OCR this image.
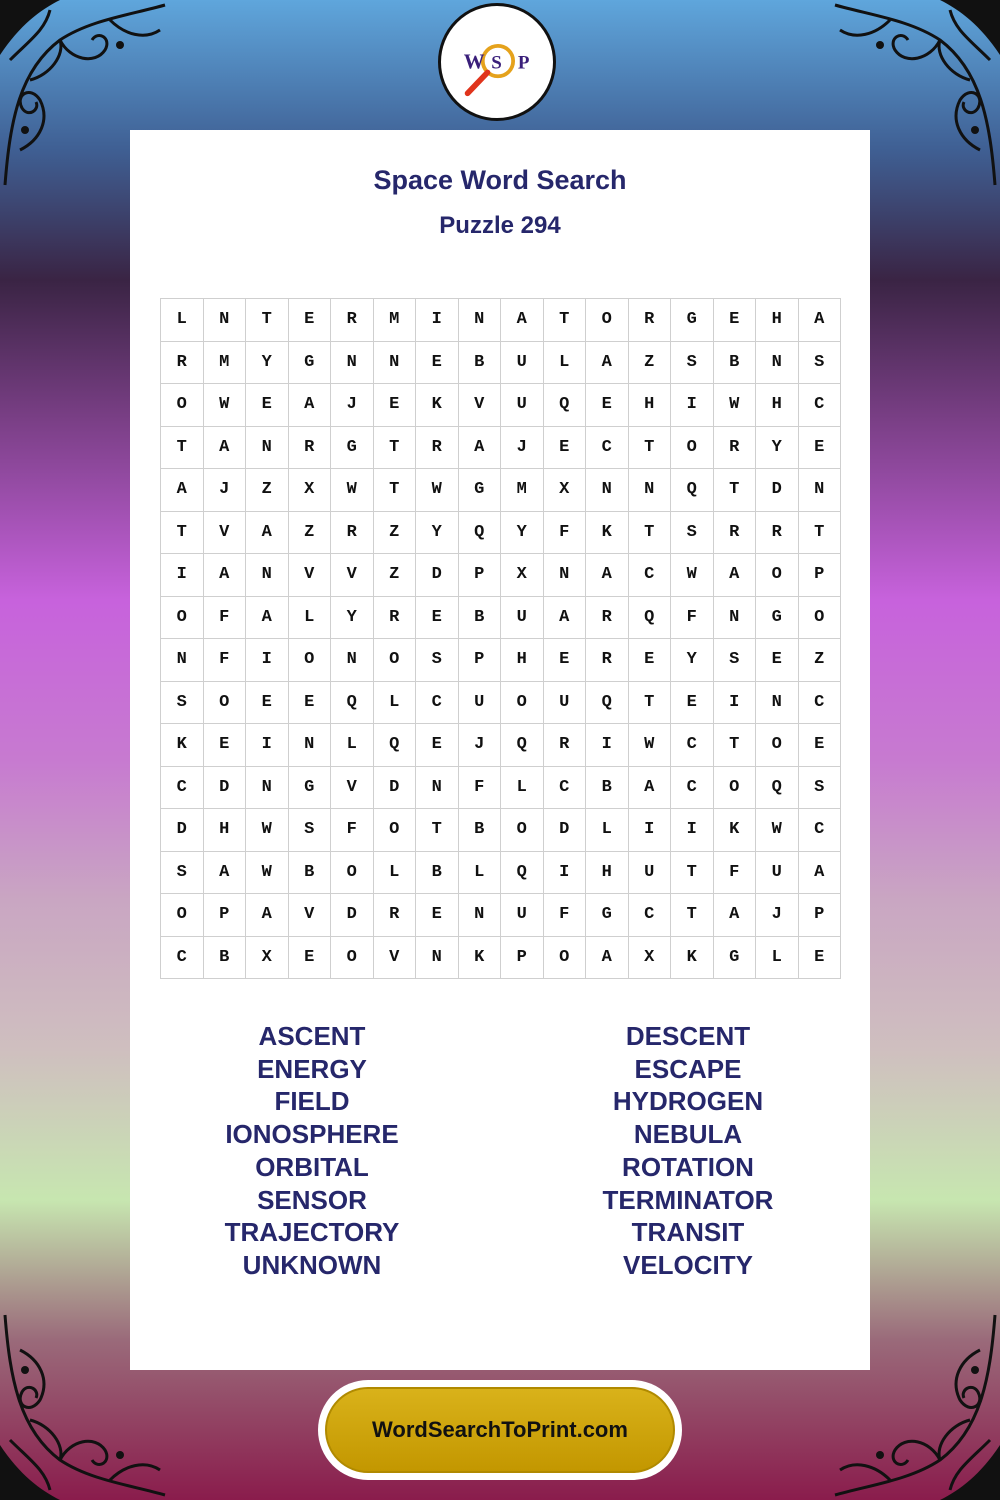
W S P
Space Word Search
Puzzle 294
L	N	T	E	R	M	I	N	A	T	O	R	G	E	H	A
R	M	Y	G	N	N	E	B	U	L	A	Z	S	B	N	S
O	W	E	A	J	E	K	V	U	Q	E	H	I	W	H	C
T	A	N	R	G	T	R	A	J	E	C	T	O	R	Y	E
A	J	Z	X	W	T	W	G	M	X	N	N	Q	T	D	N
T	V	A	Z	R	Z	Y	Q	Y	F	K	T	S	R	R	T
I	A	N	V	V	Z	D	P	X	N	A	C	W	A	O	P
O	F	A	L	Y	R	E	B	U	A	R	Q	F	N	G	O
N	F	I	O	N	O	S	P	H	E	R	E	Y	S	E	Z
S	O	E	E	Q	L	C	U	O	U	Q	T	E	I	N	C
K	E	I	N	L	Q	E	J	Q	R	I	W	C	T	O	E
C	D	N	G	V	D	N	F	L	C	B	A	C	O	Q	S
D	H	W	S	F	O	T	B	O	D	L	I	I	K	W	C
S	A	W	B	O	L	B	L	Q	I	H	U	T	F	U	A
O	P	A	V	D	R	E	N	U	F	G	C	T	A	J	P
C	B	X	E	O	V	N	K	P	O	A	X	K	G	L	E
ASCENT
ENERGY
FIELD
IONOSPHERE
ORBITAL
SENSOR
TRAJECTORY
UNKNOWN
DESCENT
ESCAPE
HYDROGEN
NEBULA
ROTATION
TERMINATOR
TRANSIT
VELOCITY
WordSearchToPrint.com
